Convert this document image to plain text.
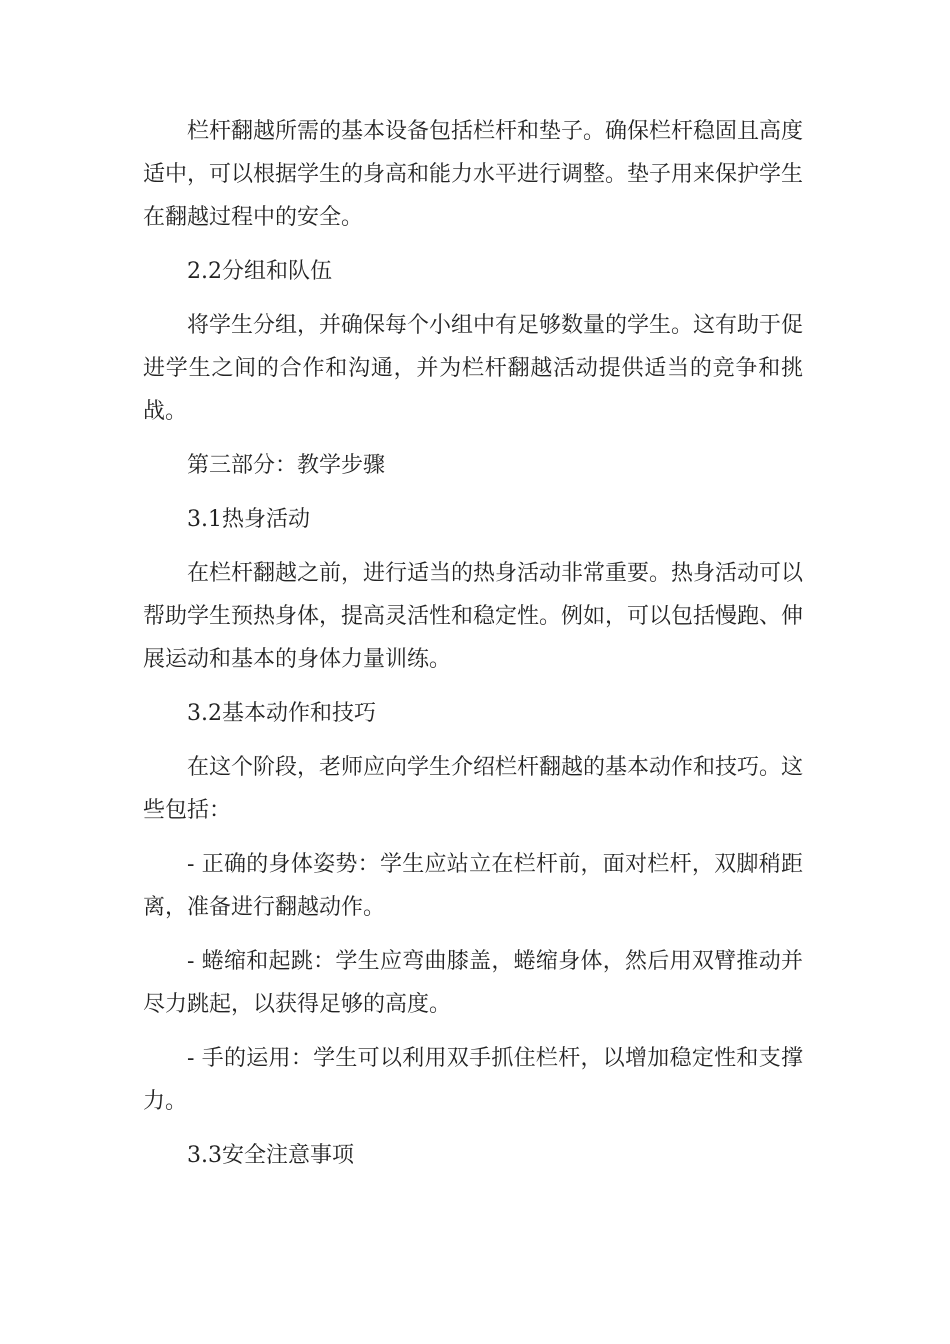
栏杆翻越所需的基本设备包括栏杆和垫子。确保栏杆稳固且高度适中，可以根据学生的身高和能力水平进行调整。垫子用来保护学生在翻越过程中的安全。

2.2分组和队伍

将学生分组，并确保每个小组中有足够数量的学生。这有助于促进学生之间的合作和沟通，并为栏杆翻越活动提供适当的竞争和挑战。

第三部分：教学步骤

3.1热身活动

在栏杆翻越之前，进行适当的热身活动非常重要。热身活动可以帮助学生预热身体，提高灵活性和稳定性。例如，可以包括慢跑、伸展运动和基本的身体力量训练。

3.2基本动作和技巧

在这个阶段，老师应向学生介绍栏杆翻越的基本动作和技巧。这些包括：

- 正确的身体姿势：学生应站立在栏杆前，面对栏杆，双脚稍距离，准备进行翻越动作。

- 蜷缩和起跳：学生应弯曲膝盖，蜷缩身体，然后用双臂推动并尽力跳起，以获得足够的高度。

- 手的运用：学生可以利用双手抓住栏杆，以增加稳定性和支撑力。

3.3安全注意事项
